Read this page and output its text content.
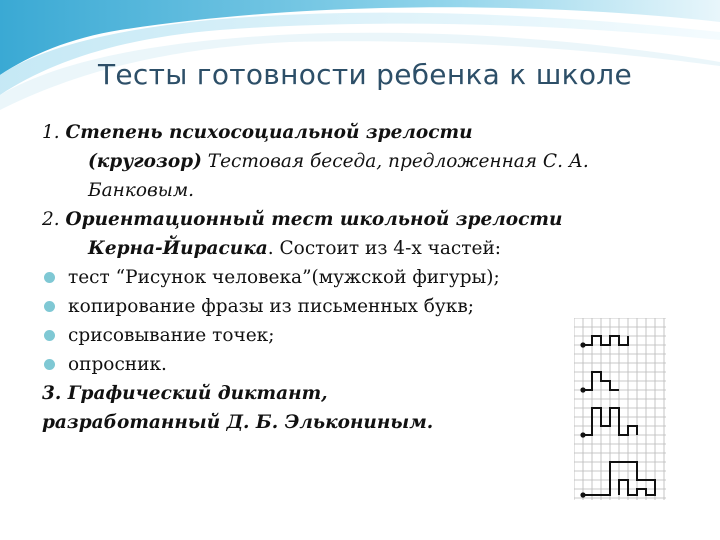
Тесты готовности ребенка к школе
1. Степень психосоциальной зрелости
(кругозор) Тестовая беседа, предложенная С. А.
Банковым.
2. Ориентационный тест школьной зрелости
Керна-Йирасика. Состоит из 4-х частей:
тест “Рисунок человека”(мужской фигуры);
копирование фразы из письменных букв;
срисовывание точек;
опросник.
3. Графический диктант,
разработанный Д. Б. Элькониным.
